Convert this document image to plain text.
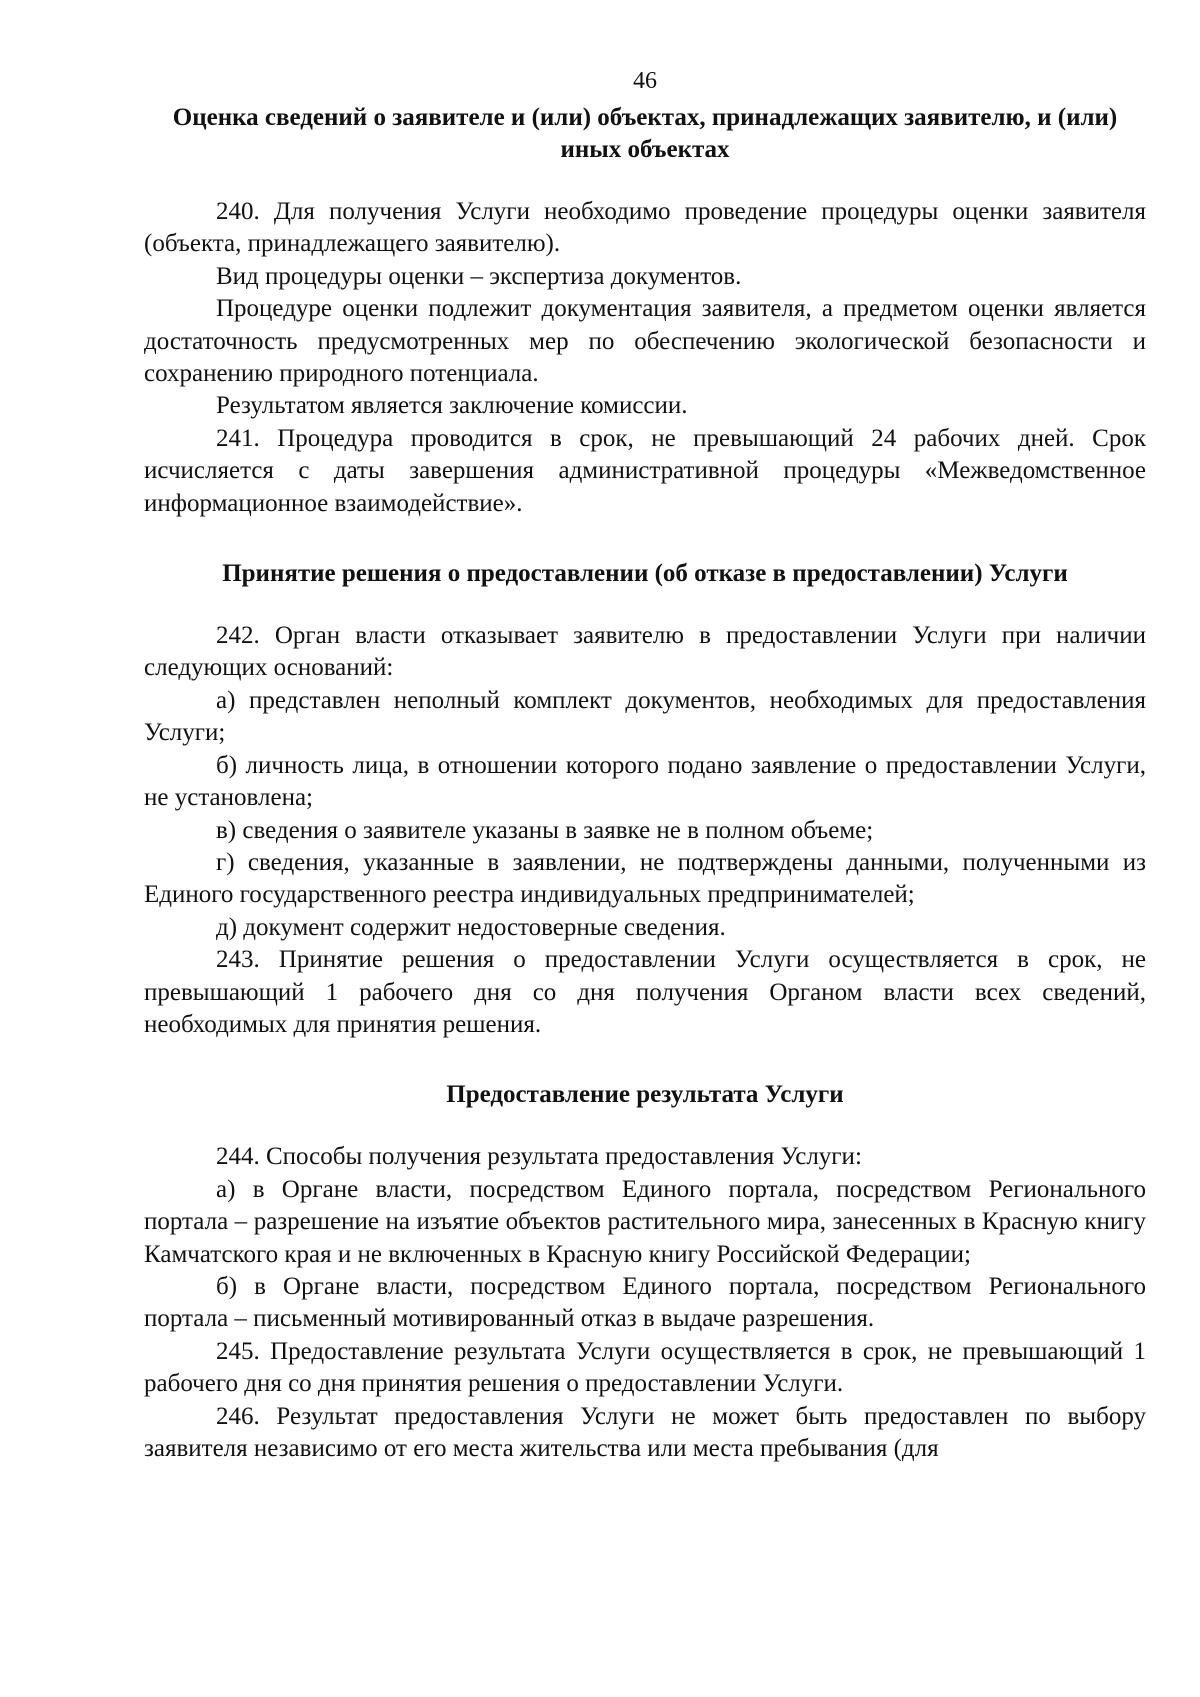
46
Оценка сведений о заявителе и (или) объектах, принадлежащих заявителю, и (или) иных объектах

240. Для получения Услуги необходимо проведение процедуры оценки заявителя (объекта, принадлежащего заявителю).

Вид процедуры оценки – экспертиза документов.

Процедуре оценки подлежит документация заявителя, а предметом оценки является достаточность предусмотренных мер по обеспечению экологической безопасности и сохранению природного потенциала.

Результатом является заключение комиссии.

241. Процедура проводится в срок, не превышающий 24 рабочих дней. Срок исчисляется с даты завершения административной процедуры «Межведомственное информационное взаимодействие».

Принятие решения о предоставлении (об отказе в предоставлении) Услуги

242. Орган власти отказывает заявителю в предоставлении Услуги при наличии следующих оснований:

а) представлен неполный комплект документов, необходимых для предоставления Услуги;

б) личность лица, в отношении которого подано заявление о предоставлении Услуги, не установлена;

в) сведения о заявителе указаны в заявке не в полном объеме;

г) сведения, указанные в заявлении, не подтверждены данными, полученными из Единого государственного реестра индивидуальных предпринимателей;

д) документ содержит недостоверные сведения.

243. Принятие решения о предоставлении Услуги осуществляется в срок, не превышающий 1 рабочего дня со дня получения Органом власти всех сведений, необходимых для принятия решения.

Предоставление результата Услуги

244. Способы получения результата предоставления Услуги:

а) в Органе власти, посредством Единого портала, посредством Регионального портала – разрешение на изъятие объектов растительного мира, занесенных в Красную книгу Камчатского края и не включенных в Красную книгу Российской Федерации;

б) в Органе власти, посредством Единого портала, посредством Регионального портала – письменный мотивированный отказ в выдаче разрешения.

245. Предоставление результата Услуги осуществляется в срок, не превышающий 1 рабочего дня со дня принятия решения о предоставлении Услуги.

246. Результат предоставления Услуги не может быть предоставлен по выбору заявителя независимо от его места жительства или места пребывания (для
